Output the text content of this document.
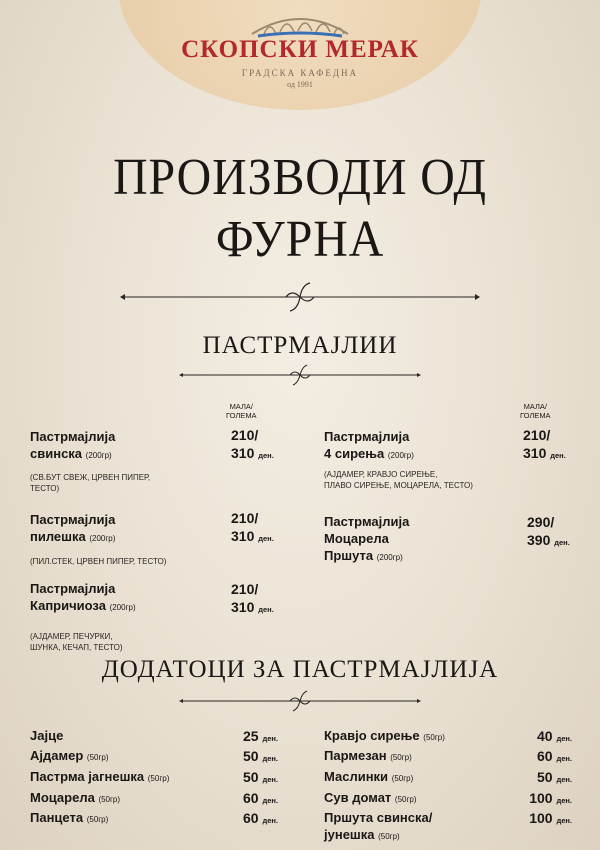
СКОПСКИ МЕРАК
ГРАДСКА КАФЕДНА
од 1991
ПРОИЗВОДИ ОД
ФУРНА
ПАСТРМАЈЛИИ
МАЛА/
ГОЛЕМА
МАЛА/
ГОЛЕМА
Пастрмајлија
свинска (200гр)
210/
310 ден.
(СВ.БУТ СВЕЖ, ЦРВЕН ПИПЕР,
ТЕСТО)
Пастрмајлија
пилешка (200гр)
210/
310 ден.
(ПИЛ.СТЕК, ЦРВЕН ПИПЕР, ТЕСТО)
Пастрмајлија
Капричиоза (200гр)
210/
310 ден.
(АЈДАМЕР, ПЕЧУРКИ,
ШУНКА, КЕЧАП, ТЕСТО)
Пастрмајлија
4 сирења (200гр)
210/
310 ден.
(АЈДАМЕР, КРАВЈО СИРЕЊЕ,
ПЛАВО СИРЕЊЕ, МОЦАРЕЛА, ТЕСТО)
Пастрмајлија
Моцарела
Пршута (200гр)
290/
390 ден.
ДОДАТОЦИ ЗА ПАСТРМАЈЛИЈА
Јајце	25 ден.
Ајдамер (50гр)	50 ден.
Пастрма јагнешка (50гр)	50 ден.
Моцарела (50гр)	60 ден.
Панцета (50гр)	60 ден.
Кравјо сирење (50гр)	40 ден.
Пармезан (50гр)	60 ден.
Маслинки (50гр)	50 ден.
Сув домат (50гр)	100 ден.
Пршута свинска/
јунешка (50гр)
100 ден.
